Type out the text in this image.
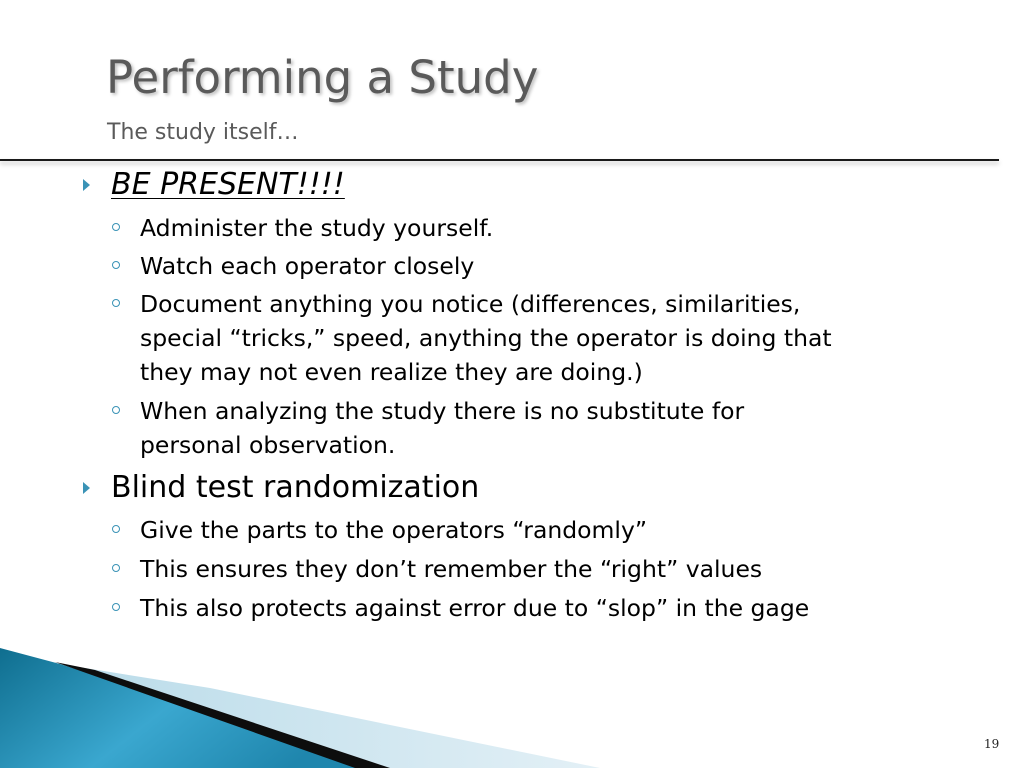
Performing a Study
The study itself…
BE PRESENT!!!!
Administer the study yourself.
Watch each operator closely
Document anything you notice (differences, similarities,
special “tricks,” speed, anything the operator is doing that
they may not even realize they are doing.)
When analyzing the study there is no substitute for
personal observation.
Blind test randomization
Give the parts to the operators “randomly”
This ensures they don’t remember the “right” values
This also protects against error due to “slop” in the gage
19
